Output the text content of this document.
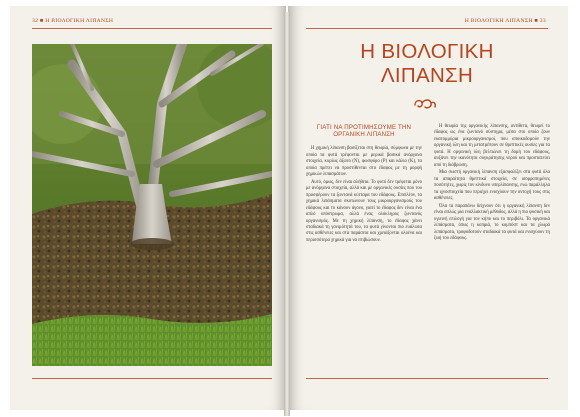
32 ■ Η ΒΙΟΛΟΓΙΚΗ ΛΙΠΑΝΣΗ	Η ΒΙΟΛΟΓΙΚΗ ΛΙΠΑΝΣΗ ■ 33
Η ΒΙΟΛΟΓΙΚΗ
ΛΙΠΑΝΣΗ
ΓΙΑΤΙ ΝΑ ΠΡΟΤΙΜΗΣΟΥΜΕ ΤΗΝ ΟΡΓΑΝΙΚΗ ΛΙΠΑΝΣΗ

Η χημική λίπανση βασίζεται στη θεωρία, σύμφωνα με την οποία τα φυτά τρέφονται με μερικά βασικά ανόργανα στοιχεία, κυρίως άζωτο (N), φωσφόρο (P) και κάλιο (K), τα οποία πρέπει να προστίθενται στο έδαφος με τη μορφή χημικών λιπασμάτων.

Αυτό, όμως, δεν είναι αλήθεια. Το φυτό δεν τρέφεται μόνο με ανόργανα στοιχεία, αλλά και με οργανικές ουσίες που του προσφέρουν τα ζωντανά κύτταρα του εδάφους. Επιπλέον, τα χημικά λιπάσματα σκοτώνουν τους μικροοργανισμούς του εδάφους και το κάνουν άγονο, γιατί το έδαφος δεν είναι ένα απλό υπόστρωμα, αλλά ένας ολόκληρος ζωντανός οργανισμός. Με τη χημική λίπανση, το έδαφος χάνει σταδιακά τη γονιμότητά του, τα φυτά γίνονται πιο ευάλωτα στις ασθένειες και στα παράσιτα και χρειάζονται ολοένα και περισσότερα χημικά για να επιβιώσουν.

Η θεωρία της οργανικής λίπανσης, αντίθετα, θεωρεί το έδαφος ως ένα ζωντανό σύστημα, μέσα στο οποίο ζουν εκατομμύρια μικροοργανισμοί, που αποικοδομούν την οργανική ύλη και τη μετατρέπουν σε θρεπτικές ουσίες για τα φυτά. Η οργανική ύλη βελτιώνει τη δομή του εδάφους, αυξάνει την ικανότητα συγκράτησης νερού και προστατεύει από τη διάβρωση.

Μια σωστή οργανική λίπανση εξασφαλίζει στα φυτά όλα τα απαραίτητα θρεπτικά στοιχεία, σε ισορροπημένες ποσότητες, χωρίς τον κίνδυνο υπερλίπανσης, ενώ παράλληλα τα ιχνοστοιχεία που περιέχει ενισχύουν την αντοχή τους στις ασθένειες.

Όλα τα παραπάνω δείχνουν ότι η οργανική λίπανση δεν είναι απλώς μια εναλλακτική μέθοδος, αλλά η πιο φυσική και υγιεινή επιλογή για τον κήπο και το περιβόλι. Τα οργανικά λιπάσματα, όπως η κοπριά, το κομπόστ και τα χλωρά λιπάσματα, τροφοδοτούν σταδιακά τα φυτά και ενισχύουν τη ζωή του εδάφους.
